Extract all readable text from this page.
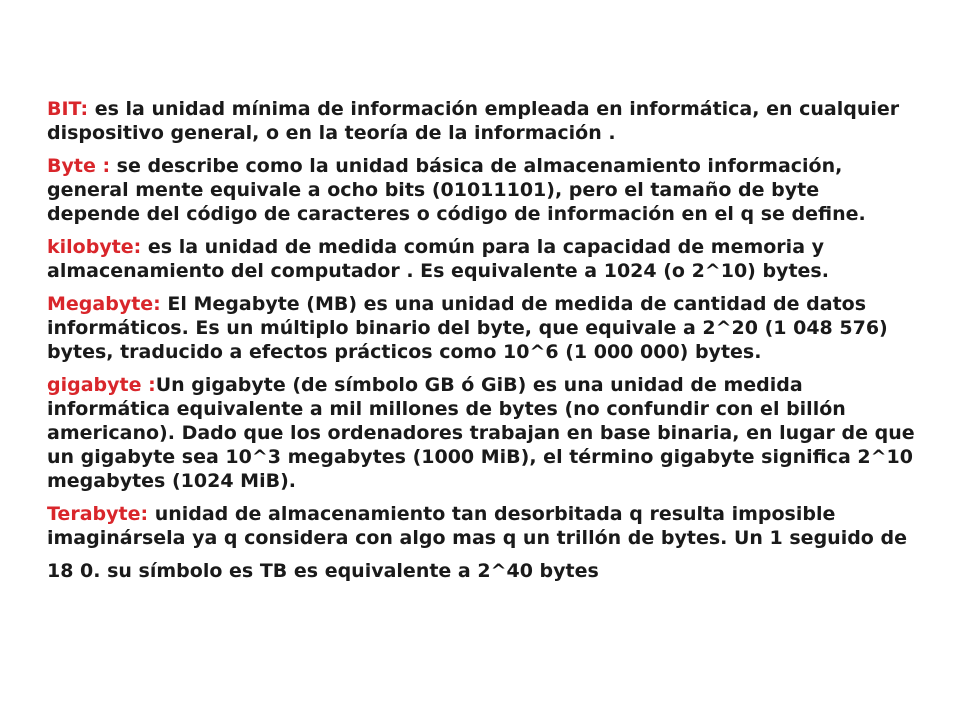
BIT: es la unidad mínima de información empleada en informática, en cualquier dispositivo general, o en la teoría de la información .

Byte : se describe como la unidad básica de almacenamiento información, general mente equivale a ocho bits (01011101), pero el tamaño de byte depende del código de caracteres o código de información en el q se define.

kilobyte: es la unidad de medida común para la capacidad de memoria y almacenamiento del computador . Es equivalente a 1024 (o 2^10) bytes.

Megabyte: El Megabyte (MB) es una unidad de medida de cantidad de datos informáticos. Es un múltiplo binario del byte, que equivale a 2^20 (1 048 576) bytes, traducido a efectos prácticos como 10^6 (1 000 000) bytes.

gigabyte :Un gigabyte (de símbolo GB ó GiB) es una unidad de medida informática equivalente a mil millones de bytes (no confundir con el billón americano). Dado que los ordenadores trabajan en base binaria, en lugar de que un gigabyte sea 10^3 megabytes (1000 MiB), el término gigabyte significa 2^10 megabytes (1024 MiB).

Terabyte: unidad de almacenamiento tan desorbitada q resulta imposible imaginársela ya q considera con algo mas q un trillón de bytes. Un 1 seguido de

18 0. su símbolo es TB es equivalente a 2^40 bytes
